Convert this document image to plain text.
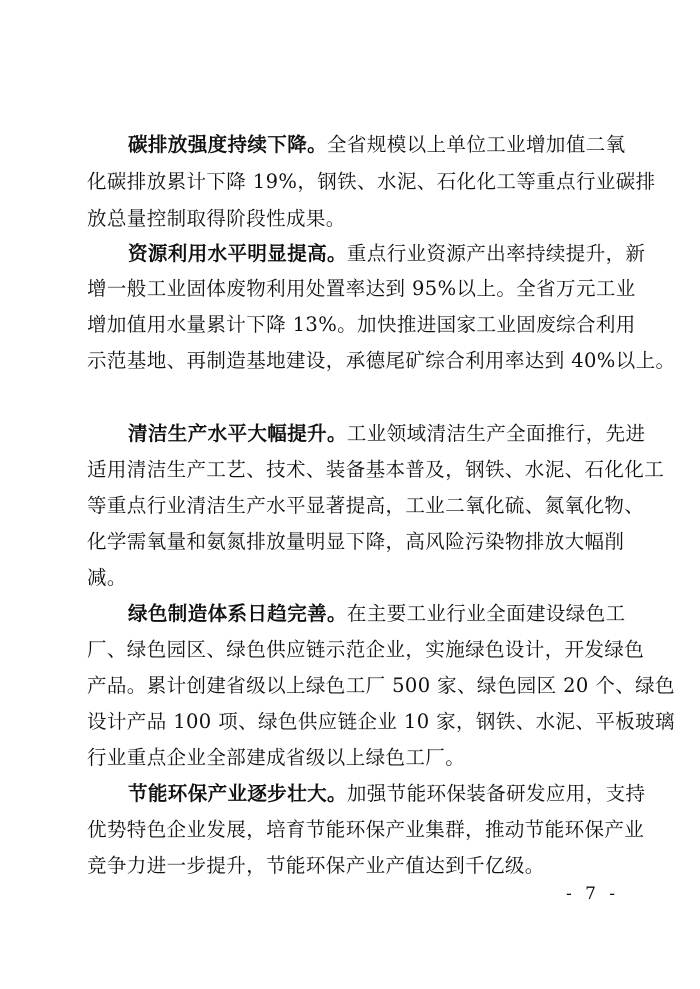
碳排放强度持续下降。全省规模以上单位工业增加值二氧
化碳排放累计下降 19%，钢铁、水泥、石化化工等重点行业碳排
放总量控制取得阶段性成果。
资源利用水平明显提高。重点行业资源产出率持续提升，新
增一般工业固体废物利用处置率达到 95%以上。全省万元工业
增加值用水量累计下降 13%。加快推进国家工业固废综合利用
示范基地、再制造基地建设，承德尾矿综合利用率达到 40%以上。
清洁生产水平大幅提升。工业领域清洁生产全面推行，先进
适用清洁生产工艺、技术、装备基本普及，钢铁、水泥、石化化工
等重点行业清洁生产水平显著提高，工业二氧化硫、氮氧化物、
化学需氧量和氨氮排放量明显下降，高风险污染物排放大幅削
减。
绿色制造体系日趋完善。在主要工业行业全面建设绿色工
厂、绿色园区、绿色供应链示范企业，实施绿色设计，开发绿色
产品。累计创建省级以上绿色工厂 500 家、绿色园区 20 个、绿色
设计产品 100 项、绿色供应链企业 10 家，钢铁、水泥、平板玻璃
行业重点企业全部建成省级以上绿色工厂。
节能环保产业逐步壮大。加强节能环保装备研发应用，支持
优势特色企业发展，培育节能环保产业集群，推动节能环保产业
竞争力进一步提升，节能环保产业产值达到千亿级。
- 7 -
